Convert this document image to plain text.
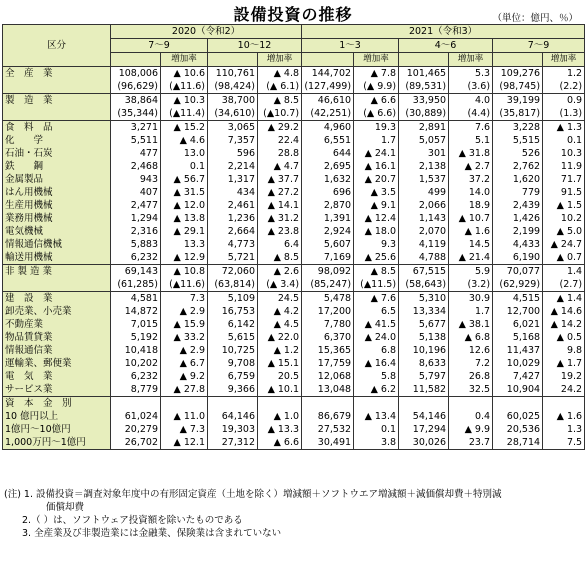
設備投資の推移	（単位：億円、％）
区分	2020（令和2）				2021（令和3）					
	7～9		10～12		1～3		4～6		7～9	
		増加率		増加率		増加率		増加率		増加率
全　産　業	108,006	▲ 10.6	110,761	▲ 4.8	144,702	▲ 7.8	101,465	5.3	109,276	1.2
	(96,629)	(▲11.6)	(98,424)	(▲ 6.1)	(127,499)	(▲ 9.9)	(89,531)	(3.6)	(98,745)	(2.2)
製　造　業	38,864	▲ 10.3	38,700	▲ 8.5	46,610	▲ 6.6	33,950	4.0	39,199	0.9
	(35,344)	(▲11.4)	(34,610)	(▲10.7)	(42,251)	(▲ 6.6)	(30,889)	(4.4)	(35,817)	(1.3)
食　料　品	3,271	▲ 15.2	3,065	▲ 29.2	4,960	19.3	2,891	7.6	3,228	▲ 1.3
化　　学	5,511	▲ 4.6	7,357	22.4	6,551	1.7	5,057	5.1	5,515	0.1
石油・石炭	477	13.0	596	28.8	644	▲ 24.1	301	▲ 31.8	526	10.3
鉄　　鋼	2,468	0.1	2,214	▲ 4.7	2,695	▲ 16.1	2,138	▲ 2.7	2,762	11.9
金属製品	943	▲ 56.7	1,317	▲ 37.7	1,632	▲ 20.7	1,537	37.2	1,620	71.7
はん用機械	407	▲ 31.5	434	▲ 27.2	696	▲ 3.5	499	14.0	779	91.5
生産用機械	2,477	▲ 12.0	2,461	▲ 14.1	2,870	▲ 9.1	2,066	18.9	2,439	▲ 1.5
業務用機械	1,294	▲ 13.8	1,236	▲ 31.2	1,391	▲ 12.4	1,143	▲ 10.7	1,426	10.2
電気機械	2,316	▲ 29.1	2,664	▲ 23.8	2,924	▲ 18.0	2,070	▲ 1.6	2,199	▲ 5.0
情報通信機械	5,883	13.3	4,773	6.4	5,607	9.3	4,119	14.5	4,433	▲ 24.7
輸送用機械	6,232	▲ 12.9	5,721	▲ 8.5	7,169	▲ 25.6	4,788	▲ 21.4	6,190	▲ 0.7
非 製 造 業	69,143	▲ 10.8	72,060	▲ 2.6	98,092	▲ 8.5	67,515	5.9	70,077	1.4
	(61,285)	(▲11.6)	(63,814)	(▲ 3.4)	(85,247)	(▲11.5)	(58,643)	(3.2)	(62,929)	(2.7)
建　設　業	4,581	7.3	5,109	24.5	5,478	▲ 7.6	5,310	30.9	4,515	▲ 1.4
卸売業、小売業	14,872	▲ 2.9	16,753	▲ 4.2	17,200	6.5	13,334	1.7	12,700	▲ 14.6
不動産業	7,015	▲ 15.9	6,142	▲ 4.5	7,780	▲ 41.5	5,677	▲ 38.1	6,021	▲ 14.2
物品賃貸業	5,192	▲ 33.2	5,615	▲ 22.0	6,370	▲ 24.0	5,138	▲ 6.8	5,168	▲ 0.5
情報通信業	10,418	▲ 2.9	10,725	▲ 1.2	15,365	6.8	10,196	12.6	11,437	9.8
運輸業、郵便業	10,202	▲ 6.7	9,708	▲ 15.1	17,759	▲ 16.4	8,633	7.2	10,029	▲ 1.7
電　気　業	6,232	▲ 9.2	6,759	20.5	12,068	5.8	5,797	26.8	7,427	19.2
サービス業	8,779	▲ 27.8	9,366	▲ 10.1	13,048	▲ 6.2	11,582	32.5	10,904	24.2
資　本　金　別										
10 億円以上	61,024	▲ 11.0	64,146	▲ 1.0	86,679	▲ 13.4	54,146	0.4	60,025	▲ 1.6
1億円～10億円	20,279	▲ 7.3	19,303	▲ 13.3	27,532	0.1	17,294	▲ 9.9	20,536	1.3
1,000万円～1億円	26,702	▲ 12.1	27,312	▲ 6.6	30,491	3.8	30,026	23.7	28,714	7.5
(注) 1. 設備投資＝調査対象年度中の有形固定資産（土地を除く）増減額＋ソフトウエア増減額＋減価償却費＋特別減
価償却費
2.（ ）は、ソフトウェア投資額を除いたものである
3. 全産業及び非製造業には金融業、保険業は含まれていない
